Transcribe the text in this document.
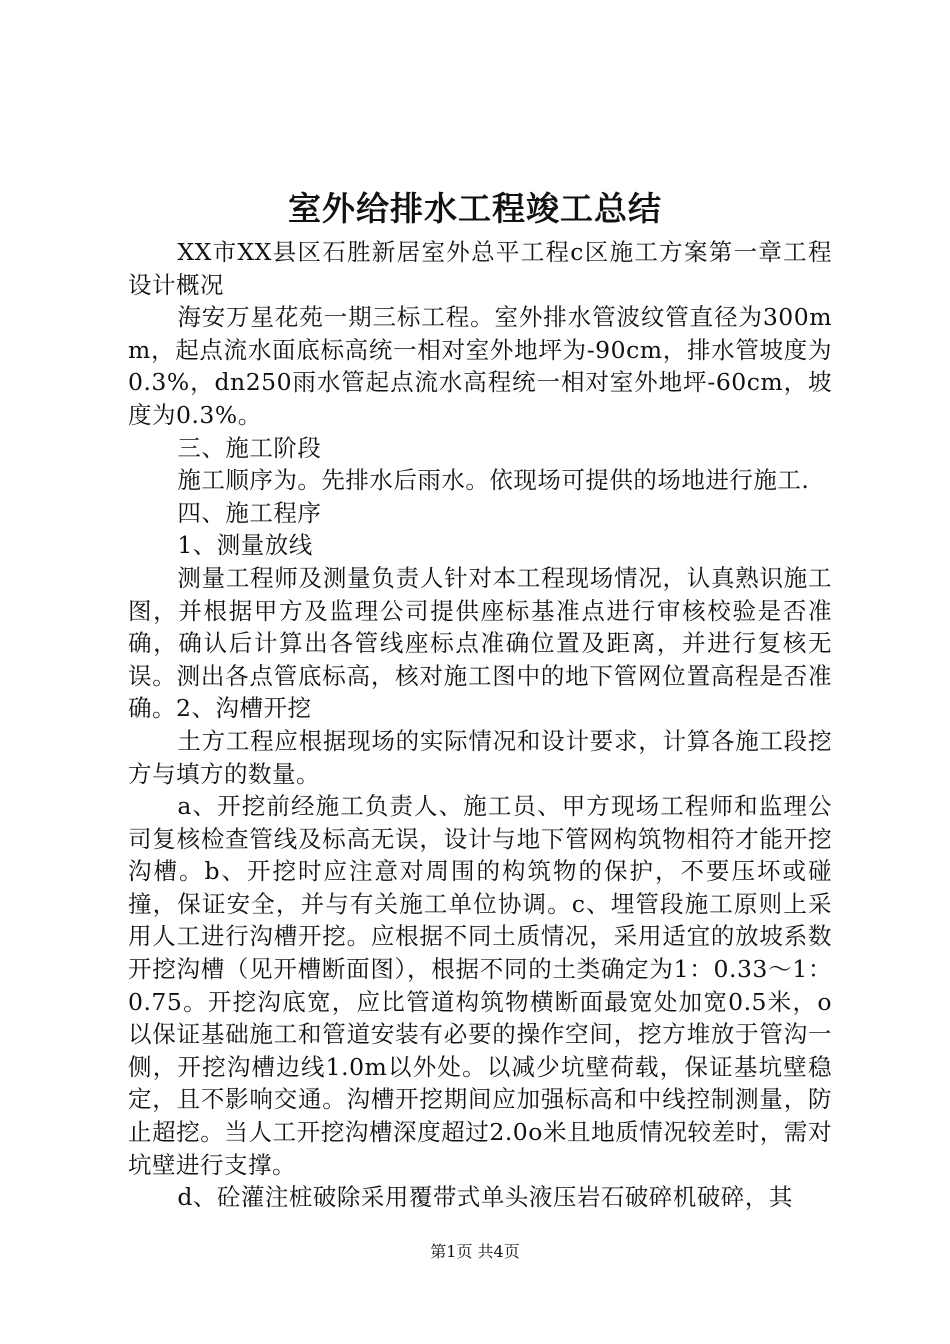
室外给排水工程竣工总结

XX市XX县区石胜新居室外总平工程c区施工方案第一章工程设计概况

海安万星花苑一期三标工程。室外排水管波纹管直径为300mm，起点流水面底标高统一相对室外地坪为-90cm，排水管坡度为0.3%，dn250雨水管起点流水高程统一相对室外地坪-60cm，坡度为0.3%。

三、施工阶段

施工顺序为。先排水后雨水。依现场可提供的场地进行施工.

四、施工程序

1、测量放线

测量工程师及测量负责人针对本工程现场情况，认真熟识施工图，并根据甲方及监理公司提供座标基准点进行审核校验是否准确，确认后计算出各管线座标点准确位置及距离，并进行复核无误。测出各点管底标高，核对施工图中的地下管网位置高程是否准确。2、沟槽开挖

土方工程应根据现场的实际情况和设计要求，计算各施工段挖方与填方的数量。

a、开挖前经施工负责人、施工员、甲方现场工程师和监理公司复核检查管线及标高无误，设计与地下管网构筑物相符才能开挖沟槽。b、开挖时应注意对周围的构筑物的保护，不要压坏或碰撞，保证安全，并与有关施工单位协调。c、埋管段施工原则上采用人工进行沟槽开挖。应根据不同土质情况，采用适宜的放坡系数开挖沟槽（见开槽断面图），根据不同的土类确定为1：0.33～1：0.75。开挖沟底宽，应比管道构筑物横断面最宽处加宽0.5米，o以保证基础施工和管道安装有必要的操作空间，挖方堆放于管沟一侧，开挖沟槽边线1.0m以外处。以减少坑壁荷载，保证基坑壁稳定，且不影响交通。沟槽开挖期间应加强标高和中线控制测量，防止超挖。当人工开挖沟槽深度超过2.0o米且地质情况较差时，需对坑壁进行支撑。

d、砼灌注桩破除采用覆带式单头液压岩石破碎机破碎，其

第1页 共4页
